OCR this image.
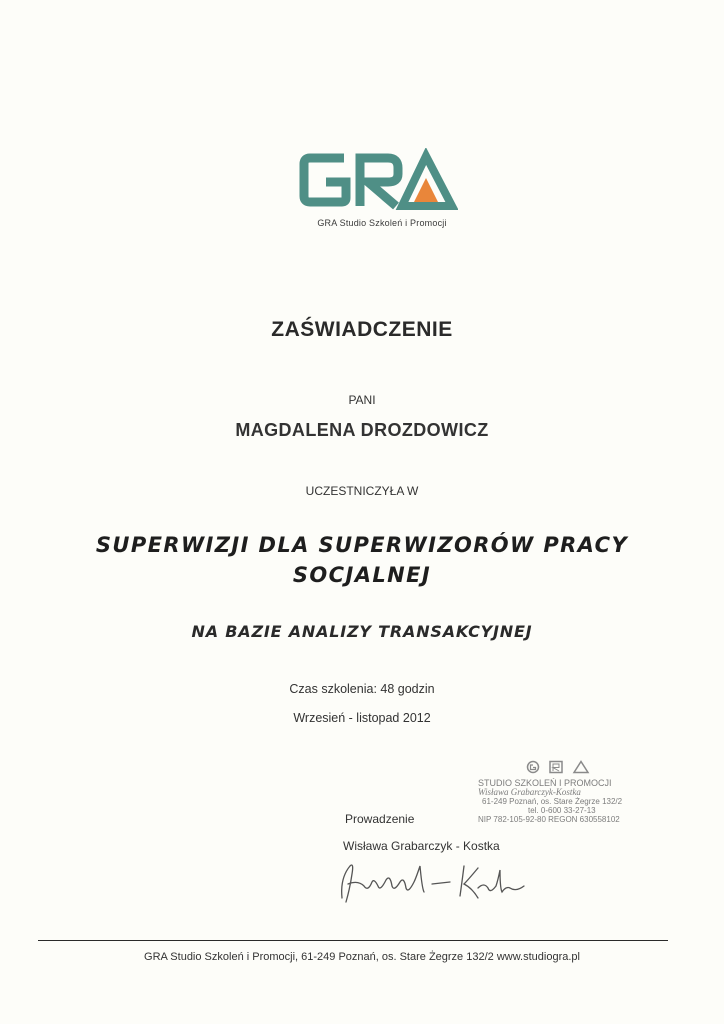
GRA Studio Szkoleń i Promocji
ZAŚWIADCZENIE
PANI
MAGDALENA DROZDOWICZ
UCZESTNICZYŁA W
SUPERWIZJI DLA SUPERWIZORÓW PRACY
SOCJALNEJ
NA BAZIE ANALIZY TRANSAKCYJNEJ
Czas szkolenia: 48 godzin
Wrzesień - listopad 2012
STUDIO SZKOLEŃ I PROMOCJI
Wisława Grabarczyk-Kostka
61-249 Poznań, os. Stare Żegrze 132/2
tel. 0-600 33-27-13
NIP 782-105-92-80 REGON 630558102
Prowadzenie
Wisława Grabarczyk - Kostka
GRA Studio Szkoleń i Promocji, 61-249 Poznań, os. Stare Żegrze 132/2 www.studiogra.pl
